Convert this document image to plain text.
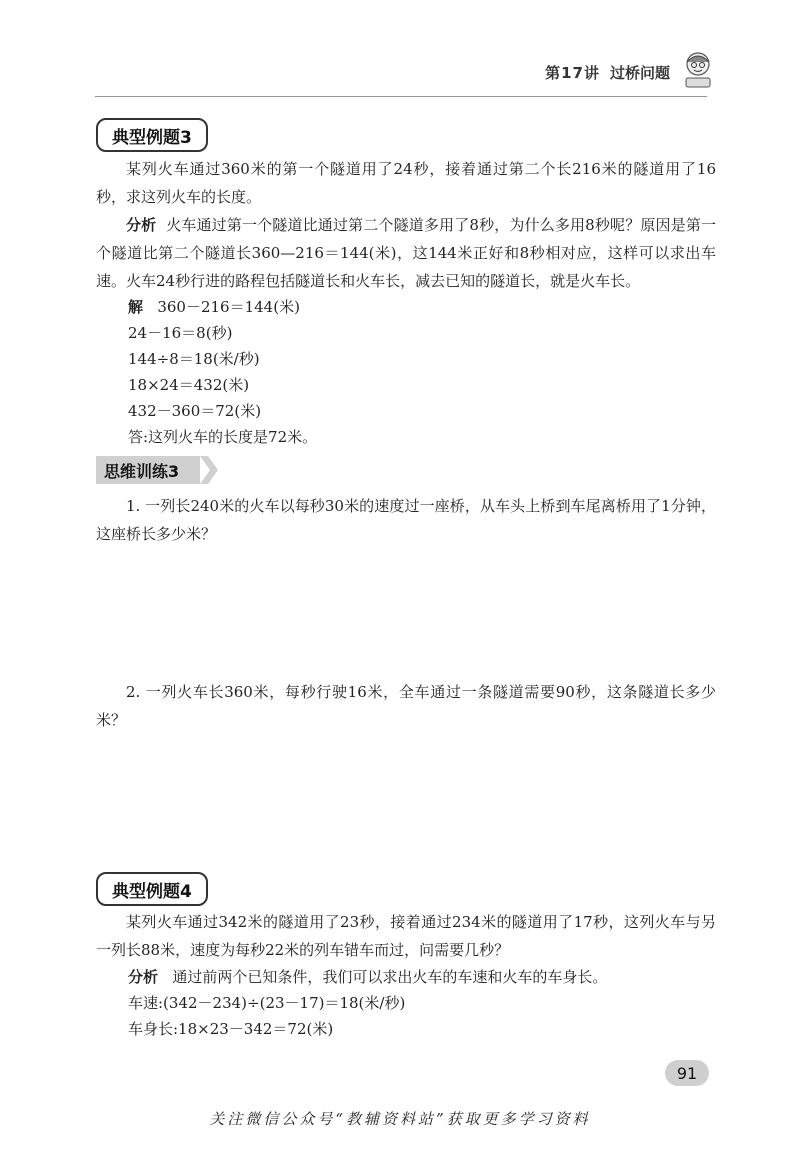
第17讲 过桥问题
典型例题3
某列火车通过360米的第一个隧道用了24秒，接着通过第二个长216米的隧道用了16秒，求这列火车的长度。
分析 火车通过第一个隧道比通过第二个隧道多用了8秒，为什么多用8秒呢？原因是第一个隧道比第二个隧道长360—216＝144(米)，这144米正好和8秒相对应，这样可以求出车速。火车24秒行进的路程包括隧道长和火车长，减去已知的隧道长，就是火车长。
解 360－216＝144(米)
24－16＝8(秒)
144÷8＝18(米/秒)
18×24＝432(米)
432－360＝72(米)
答:这列火车的长度是72米。
思维训练3
1. 一列长240米的火车以每秒30米的速度过一座桥，从车头上桥到车尾离桥用了1分钟，这座桥长多少米？
2. 一列火车长360米，每秒行驶16米，全车通过一条隧道需要90秒，这条隧道长多少米？
典型例题4
某列火车通过342米的隧道用了23秒，接着通过234米的隧道用了17秒，这列火车与另一列长88米，速度为每秒22米的列车错车而过，问需要几秒？
分析 通过前两个已知条件，我们可以求出火车的车速和火车的车身长。
车速:(342－234)÷(23－17)＝18(米/秒)
车身长:18×23－342＝72(米)
91
关注微信公众号“教辅资料站”获取更多学习资料
